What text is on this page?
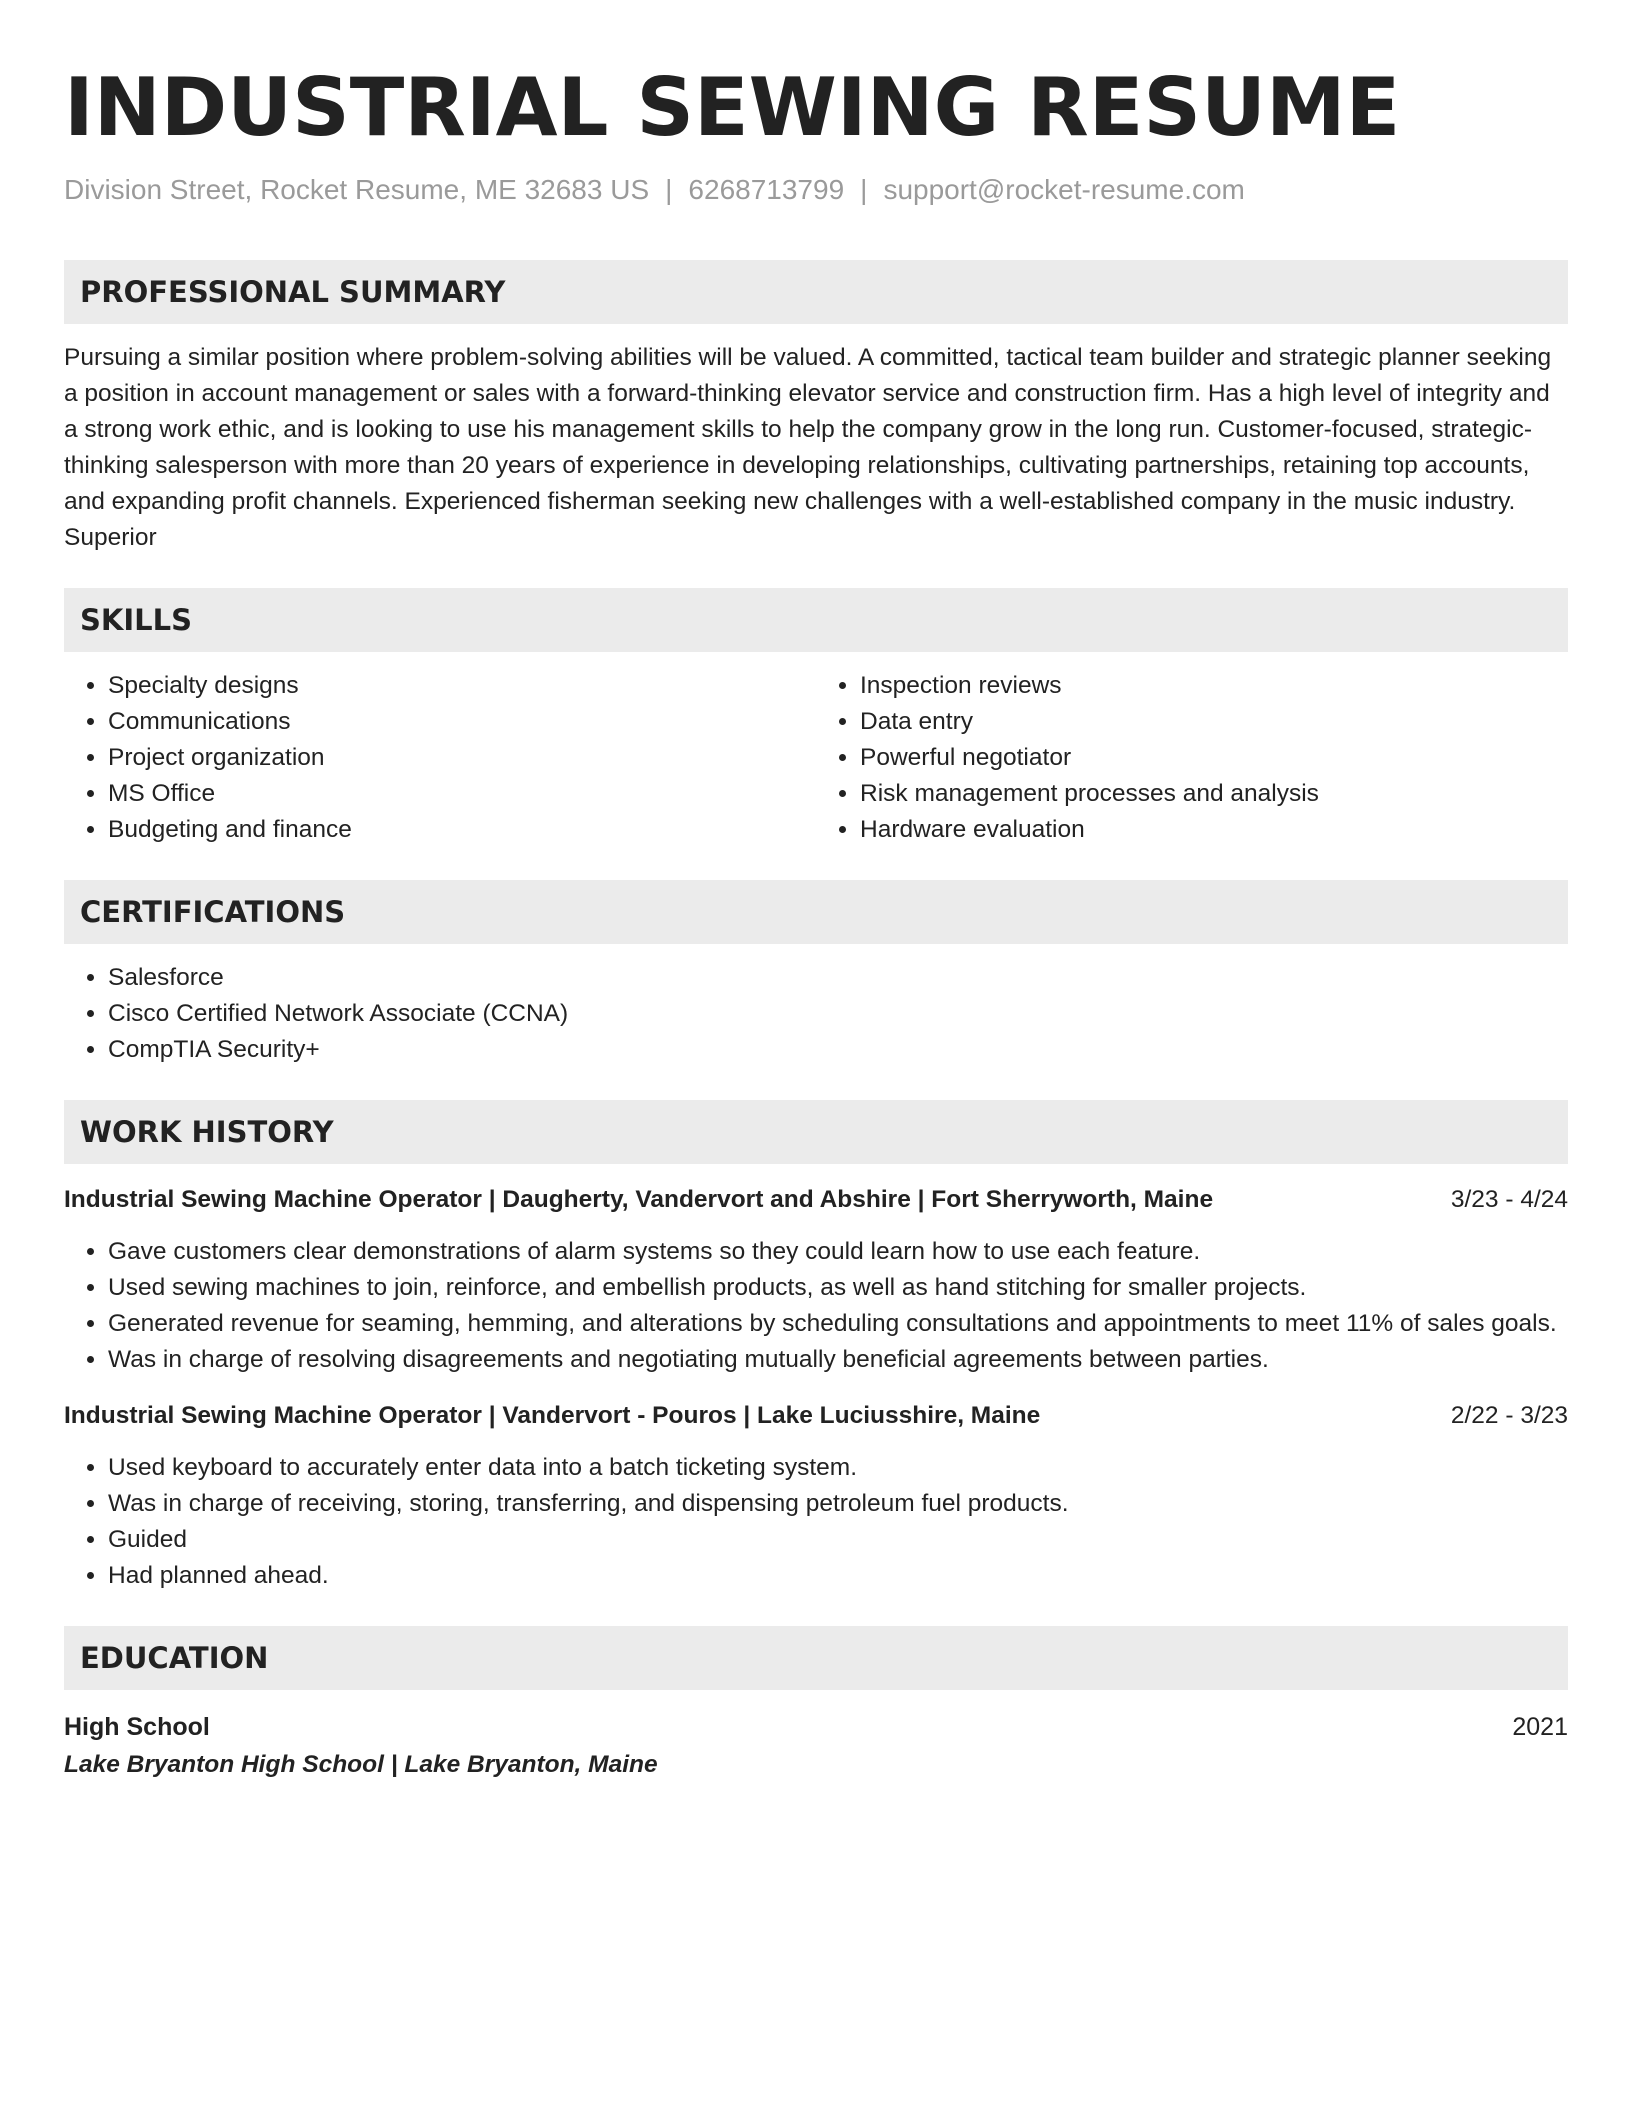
INDUSTRIAL SEWING RESUME
Division Street, Rocket Resume, ME 32683 US | 6268713799 | support@rocket-resume.com
PROFESSIONAL SUMMARY

Pursuing a similar position where problem-solving abilities will be valued. A committed, tactical team builder and strategic planner seeking a position in account management or sales with a forward-thinking elevator service and construction firm. Has a high level of integrity and a strong work ethic, and is looking to use his management skills to help the company grow in the long run. Customer-focused, strategic-thinking salesperson with more than 20 years of experience in developing relationships, cultivating partnerships, retaining top accounts, and expanding profit channels. Experienced fisherman seeking new challenges with a well-established company in the music industry. Superior

SKILLS
• Specialty designs
• Communications
• Project organization
• MS Office
• Budgeting and finance
• Inspection reviews
• Data entry
• Powerful negotiator
• Risk management processes and analysis
• Hardware evaluation
CERTIFICATIONS
• Salesforce
• Cisco Certified Network Associate (CCNA)
• CompTIA Security+
WORK HISTORY
Industrial Sewing Machine Operator | Daugherty, Vandervort and Abshire | Fort Sherryworth, Maine	3/23 - 4/24
• Gave customers clear demonstrations of alarm systems so they could learn how to use each feature.
• Used sewing machines to join, reinforce, and embellish products, as well as hand stitching for smaller projects.
• Generated revenue for seaming, hemming, and alterations by scheduling consultations and appointments to meet 11% of sales goals.
• Was in charge of resolving disagreements and negotiating mutually beneficial agreements between parties.
Industrial Sewing Machine Operator | Vandervort - Pouros | Lake Luciusshire, Maine	2/22 - 3/23
• Used keyboard to accurately enter data into a batch ticketing system.
• Was in charge of receiving, storing, transferring, and dispensing petroleum fuel products.
• Guided
• Had planned ahead.
EDUCATION
High School	2021
Lake Bryanton High School | Lake Bryanton, Maine
